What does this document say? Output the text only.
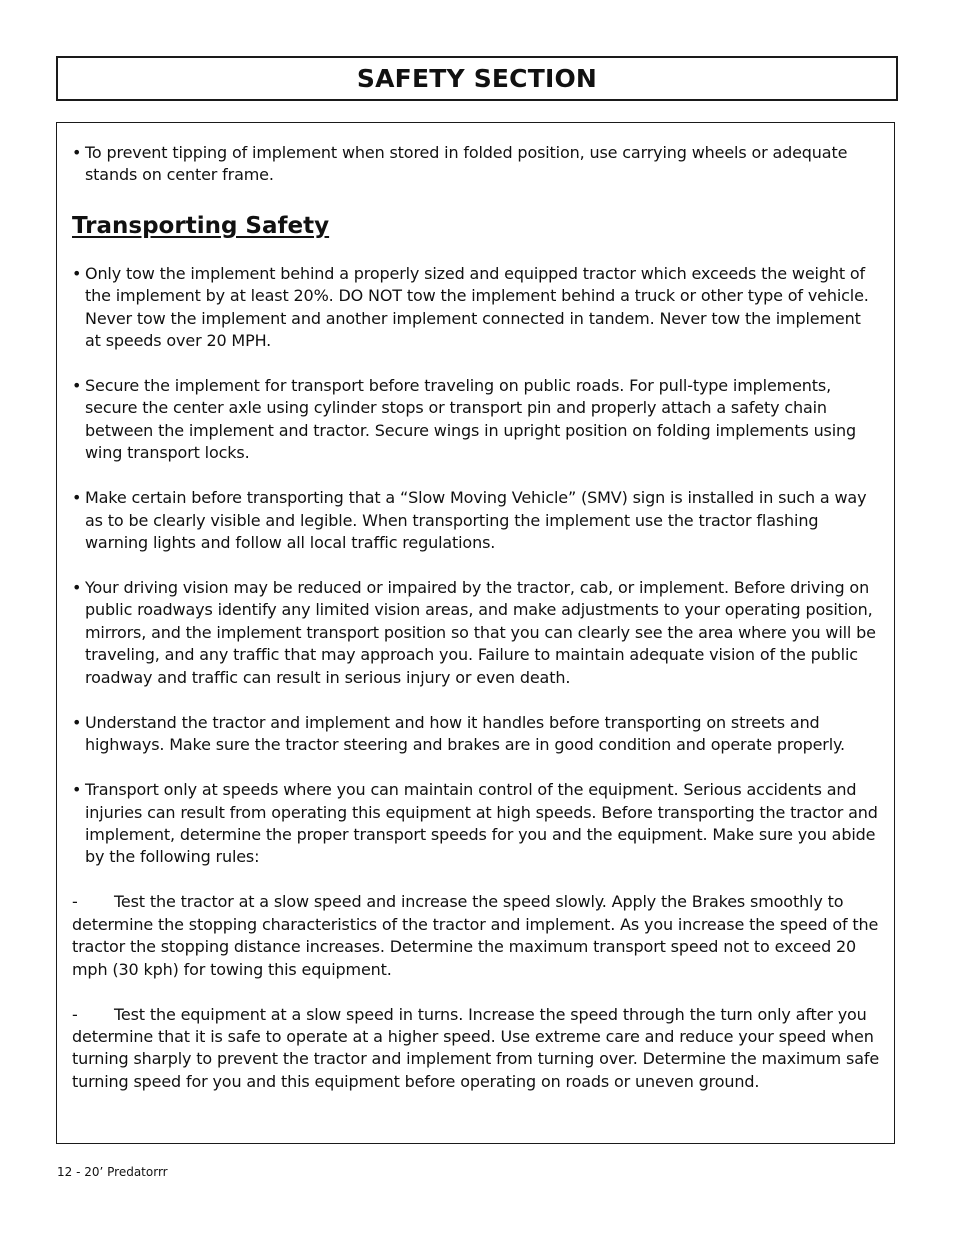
SAFETY SECTION

• To prevent tipping of implement when stored in folded position, use carrying wheels or adequate stands on center frame.

Transporting Safety

• Only tow the implement behind a properly sized and equipped tractor which exceeds the weight of the implement by at least 20%. DO NOT tow the implement behind a truck or other type of vehicle. Never tow the implement and another implement connected in tandem. Never tow the implement at speeds over 20 MPH.

• Secure the implement for transport before traveling on public roads. For pull-type implements, secure the center axle using cylinder stops or transport pin and properly attach a safety chain between the implement and tractor. Secure wings in upright position on folding implements using wing transport locks.

• Make certain before transporting that a “Slow Moving Vehicle” (SMV) sign is installed in such a way as to be clearly visible and legible. When transporting the implement use the tractor flashing warning lights and follow all local traffic regulations.

• Your driving vision may be reduced or impaired by the tractor, cab, or implement. Before driving on public roadways identify any limited vision areas, and make adjustments to your operating position, mirrors, and the implement transport position so that you can clearly see the area where you will be traveling, and any traffic that may approach you. Failure to maintain adequate vision of the public roadway and traffic can result in serious injury or even death.

• Understand the tractor and implement and how it handles before transporting on streets and highways. Make sure the tractor steering and brakes are in good condition and operate properly.

• Transport only at speeds where you can maintain control of the equipment. Serious accidents and injuries can result from operating this equipment at high speeds. Before transporting the tractor and implement, determine the proper transport speeds for you and the equipment. Make sure you abide by the following rules:

- Test the tractor at a slow speed and increase the speed slowly. Apply the Brakes smoothly to determine the stopping characteristics of the tractor and implement. As you increase the speed of the tractor the stopping distance increases. Determine the maximum transport speed not to exceed 20 mph (30 kph) for towing this equipment.

- Test the equipment at a slow speed in turns. Increase the speed through the turn only after you determine that it is safe to operate at a higher speed. Use extreme care and reduce your speed when turning sharply to prevent the tractor and implement from turning over. Determine the maximum safe turning speed for you and this equipment before operating on roads or uneven ground.

12 - 20’ Predatorrr
